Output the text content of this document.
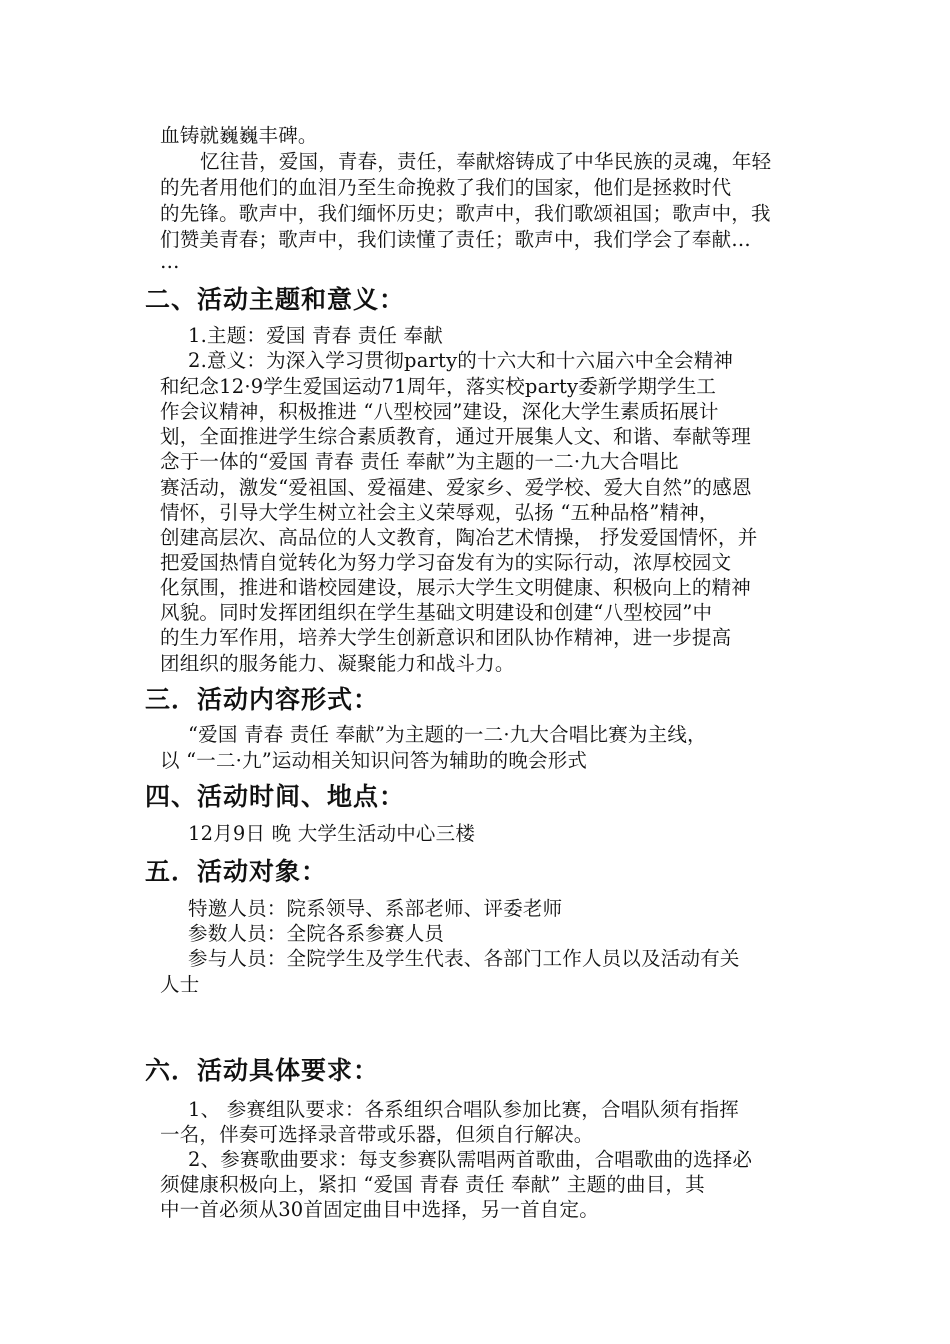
血铸就巍巍丰碑。
忆往昔，爱国，青春，责任，奉献熔铸成了中华民族的灵魂，年轻
的先者用他们的血泪乃至生命挽救了我们的国家，他们是拯救时代
的先锋。歌声中，我们缅怀历史；歌声中，我们歌颂祖国；歌声中，我
们赞美青春；歌声中，我们读懂了责任；歌声中，我们学会了奉献…
…
二、活动主题和意义：
1.主题：爱国 青春 责任 奉献
2.意义：为深入学习贯彻party的十六大和十六届六中全会精神
和纪念12·9学生爱国运动71周年，落实校party委新学期学生工
作会议精神，积极推进 “八型校园”建设，深化大学生素质拓展计
划，全面推进学生综合素质教育，通过开展集人文、和谐、奉献等理
念于一体的“爱国 青春 责任 奉献”为主题的一二·九大合唱比
赛活动，激发“爱祖国、爱福建、爱家乡、爱学校、爱大自然”的感恩
情怀，引导大学生树立社会主义荣辱观，弘扬 “五种品格”精神，
创建高层次、高品位的人文教育，陶冶艺术情操， 抒发爱国情怀，并
把爱国热情自觉转化为努力学习奋发有为的实际行动，浓厚校园文
化氛围，推进和谐校园建设，展示大学生文明健康、积极向上的精神
风貌。同时发挥团组织在学生基础文明建设和创建“八型校园”中
的生力军作用，培养大学生创新意识和团队协作精神，进一步提高
团组织的服务能力、凝聚能力和战斗力。
三．活动内容形式：
“爱国 青春 责任 奉献”为主题的一二·九大合唱比赛为主线，
以 “一二·九”运动相关知识问答为辅助的晚会形式
四、活动时间、地点：
12月9日 晚 大学生活动中心三楼
五．活动对象：
特邀人员：院系领导、系部老师、评委老师
参数人员：全院各系参赛人员
参与人员：全院学生及学生代表、各部门工作人员以及活动有关
人士
六．活动具体要求：
1、 参赛组队要求：各系组织合唱队参加比赛，合唱队须有指挥
一名，伴奏可选择录音带或乐器，但须自行解决。
2、参赛歌曲要求：每支参赛队需唱两首歌曲，合唱歌曲的选择必
须健康积极向上，紧扣 “爱国 青春 责任 奉献” 主题的曲目，其
中一首必须从30首固定曲目中选择，另一首自定。
